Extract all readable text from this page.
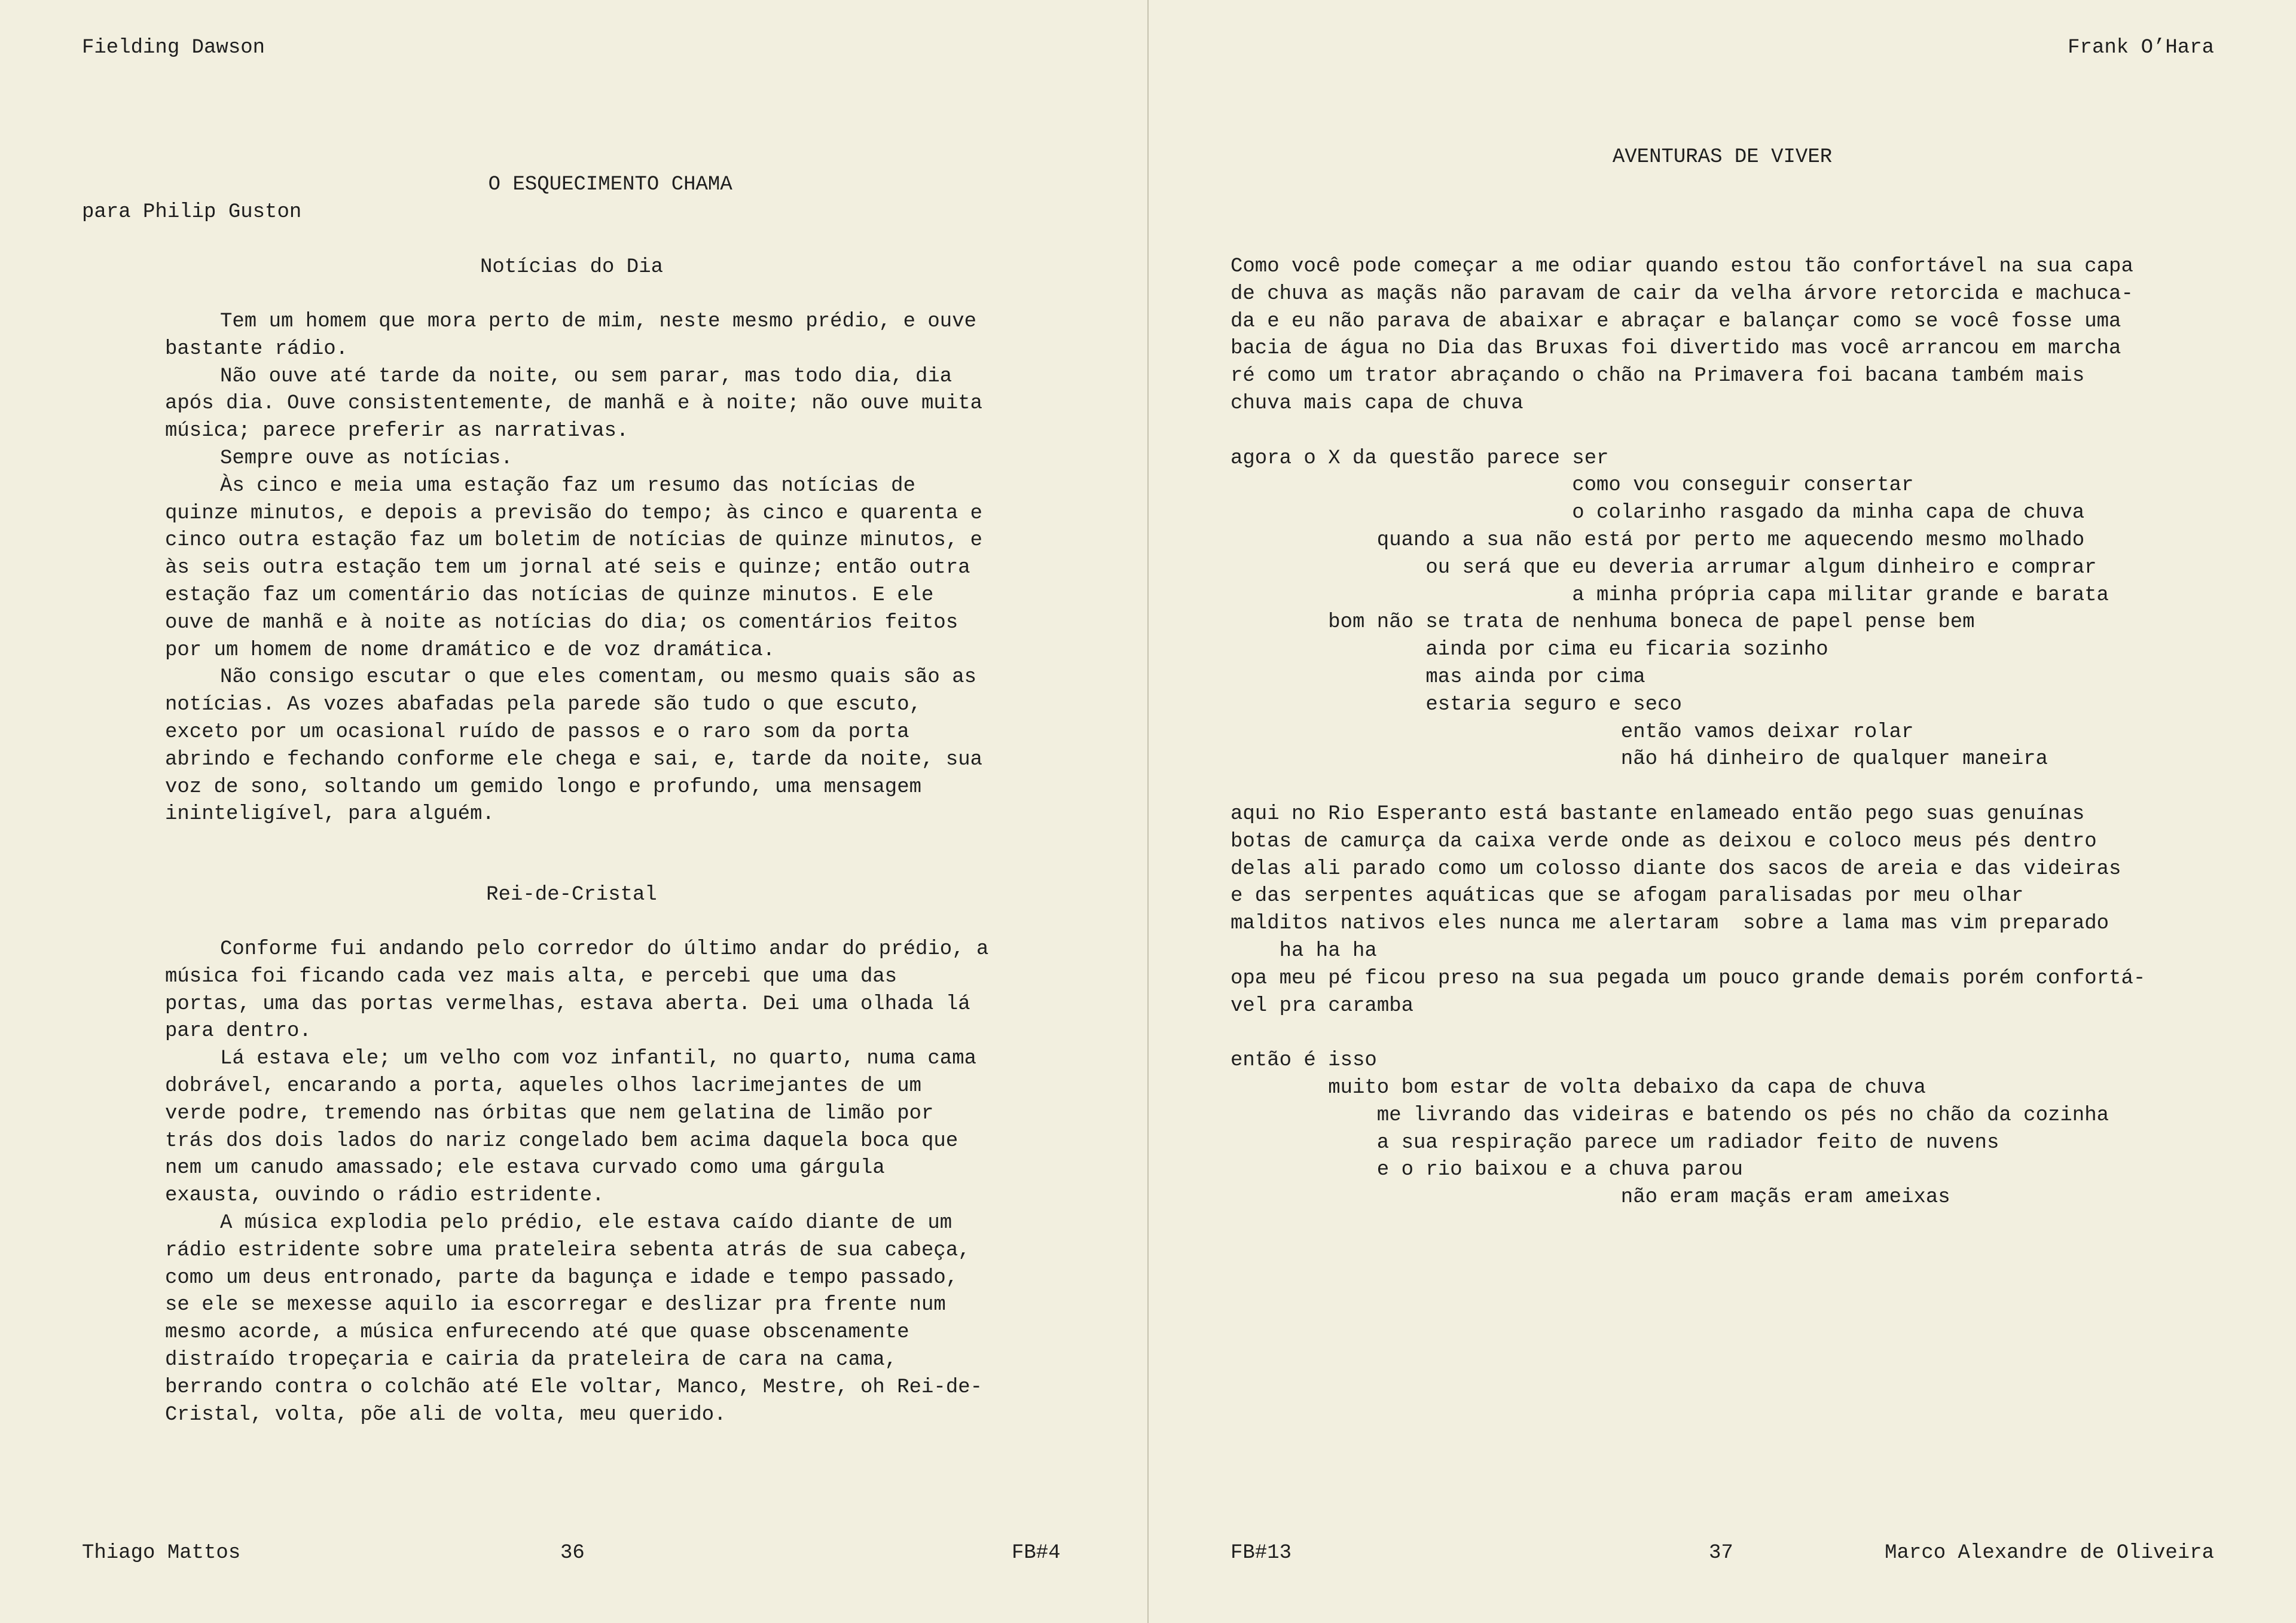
Fielding Dawson

O ESQUECIMENTO CHAMA

para Philip Guston
Notícias do Dia

Tem um homem que mora perto de mim, neste mesmo prédio, e ouve bastante rádio.

Não ouve até tarde da noite, ou sem parar, mas todo dia, dia após dia. Ouve consistentemente, de manhã e à noite; não ouve muita música; parece preferir as narrativas.

Sempre ouve as notícias.

Às cinco e meia uma estação faz um resumo das notícias de quinze minutos, e depois a previsão do tempo; às cinco e quarenta e cinco outra estação faz um boletim de notícias de quinze minutos, e às seis outra estação tem um jornal até seis e quinze; então outra estação faz um comentário das notícias de quinze minutos. E ele ouve de manhã e à noite as notícias do dia; os comentários feitos por um homem de nome dramático e de voz dramática.

Não consigo escutar o que eles comentam, ou mesmo quais são as notícias. As vozes abafadas pela parede são tudo o que escuto, exceto por um ocasional ruído de passos e o raro som da porta abrindo e fechando conforme ele chega e sai, e, tarde da noite, sua voz de sono, soltando um gemido longo e profundo, uma mensagem ininteligível, para alguém.

Rei-de-Cristal

Conforme fui andando pelo corredor do último andar do prédio, a música foi ficando cada vez mais alta, e percebi que uma das portas, uma das portas vermelhas, estava aberta. Dei uma olhada lá para dentro.

Lá estava ele; um velho com voz infantil, no quarto, numa cama dobrável, encarando a porta, aqueles olhos lacrimejantes de um verde podre, tremendo nas órbitas que nem gelatina de limão por trás dos dois lados do nariz congelado bem acima daquela boca que nem um canudo amassado; ele estava curvado como uma gárgula exausta, ouvindo o rádio estridente.

A música explodia pelo prédio, ele estava caído diante de um rádio estridente sobre uma prateleira sebenta atrás de sua cabeça, como um deus entronado, parte da bagunça e idade e tempo passado, se ele se mexesse aquilo ia escorregar e deslizar pra frente num mesmo acorde, a música enfurecendo até que quase obscenamente distraído tropeçaria e cairia da prateleira de cara na cama, berrando contra o colchão até Ele voltar, Manco, Mestre, oh Rei-de-Cristal, volta, põe ali de volta, meu querido.

Thiago Mattos	36	FB#4
Frank O’Hara
AVENTURAS DE VIVER
Como você pode começar a me odiar quando estou tão confortável na sua capa
de chuva as maçãs não paravam de cair da velha árvore retorcida e machuca-
da e eu não parava de abaixar e abraçar e balançar como se você fosse uma
bacia de água no Dia das Bruxas foi divertido mas você arrancou em marcha
ré como um trator abraçando o chão na Primavera foi bacana também mais
chuva mais capa de chuva
agora o X da questão parece ser
como vou conseguir consertar
o colarinho rasgado da minha capa de chuva
quando a sua não está por perto me aquecendo mesmo molhado
ou será que eu deveria arrumar algum dinheiro e comprar
a minha própria capa militar grande e barata
bom não se trata de nenhuma boneca de papel pense bem
ainda por cima eu ficaria sozinho
mas ainda por cima
estaria seguro e seco
então vamos deixar rolar
não há dinheiro de qualquer maneira
aqui no Rio Esperanto está bastante enlameado então pego suas genuínas
botas de camurça da caixa verde onde as deixou e coloco meus pés dentro
delas ali parado como um colosso diante dos sacos de areia e das videiras
e das serpentes aquáticas que se afogam paralisadas por meu olhar
malditos nativos eles nunca me alertaram  sobre a lama mas vim preparado
ha ha ha
opa meu pé ficou preso na sua pegada um pouco grande demais porém confortá-
vel pra caramba
então é isso
muito bom estar de volta debaixo da capa de chuva
me livrando das videiras e batendo os pés no chão da cozinha
a sua respiração parece um radiador feito de nuvens
e o rio baixou e a chuva parou
não eram maçãs eram ameixas
FB#13	37	Marco Alexandre de Oliveira
